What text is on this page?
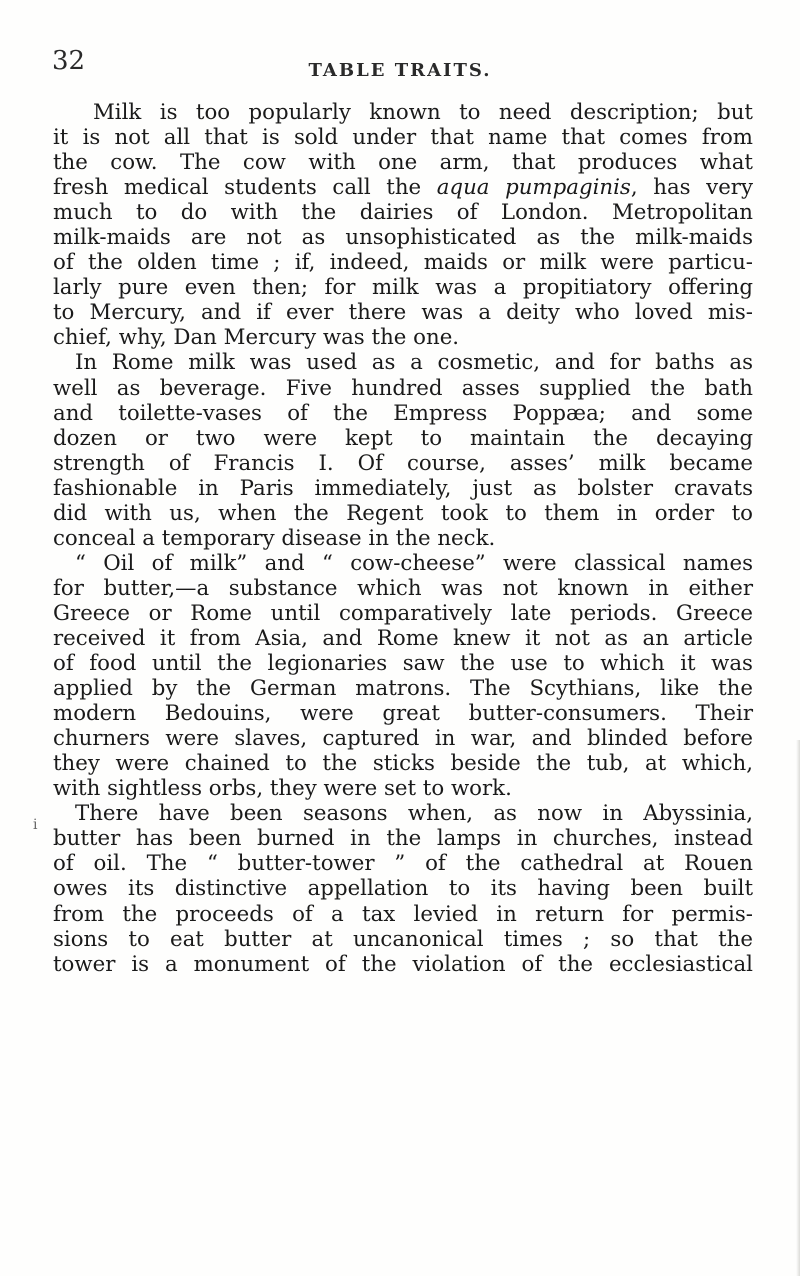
32	TABLE TRAITS.
i
Milk is too popularly known to need description; but
it is not all that is sold under that name that comes from
the cow. The cow with one arm, that produces what
fresh medical students call the aqua pumpaginis, has very
much to do with the dairies of London. Metropolitan
milk-maids are not as unsophisticated as the milk-maids
of the olden time ; if, indeed, maids or milk were particu-
larly pure even then; for milk was a propitiatory offering
to Mercury, and if ever there was a deity who loved mis-
chief, why, Dan Mercury was the one.
In Rome milk was used as a cosmetic, and for baths as
well as beverage. Five hundred asses supplied the bath
and toilette-vases of the Empress Poppæa; and some
dozen or two were kept to maintain the decaying
strength of Francis I. Of course, asses’ milk became
fashionable in Paris immediately, just as bolster cravats
did with us, when the Regent took to them in order to
conceal a temporary disease in the neck.
“ Oil of milk” and “ cow-cheese” were classical names
for butter,—a substance which was not known in either
Greece or Rome until comparatively late periods. Greece
received it from Asia, and Rome knew it not as an article
of food until the legionaries saw the use to which it was
applied by the German matrons. The Scythians, like the
modern Bedouins, were great butter-consumers. Their
churners were slaves, captured in war, and blinded before
they were chained to the sticks beside the tub, at which,
with sightless orbs, they were set to work.
There have been seasons when, as now in Abyssinia,
butter has been burned in the lamps in churches, instead
of oil. The “ butter-tower ” of the cathedral at Rouen
owes its distinctive appellation to its having been built
from the proceeds of a tax levied in return for permis-
sions to eat butter at uncanonical times ; so that the
tower is a monument of the violation of the ecclesiastical
